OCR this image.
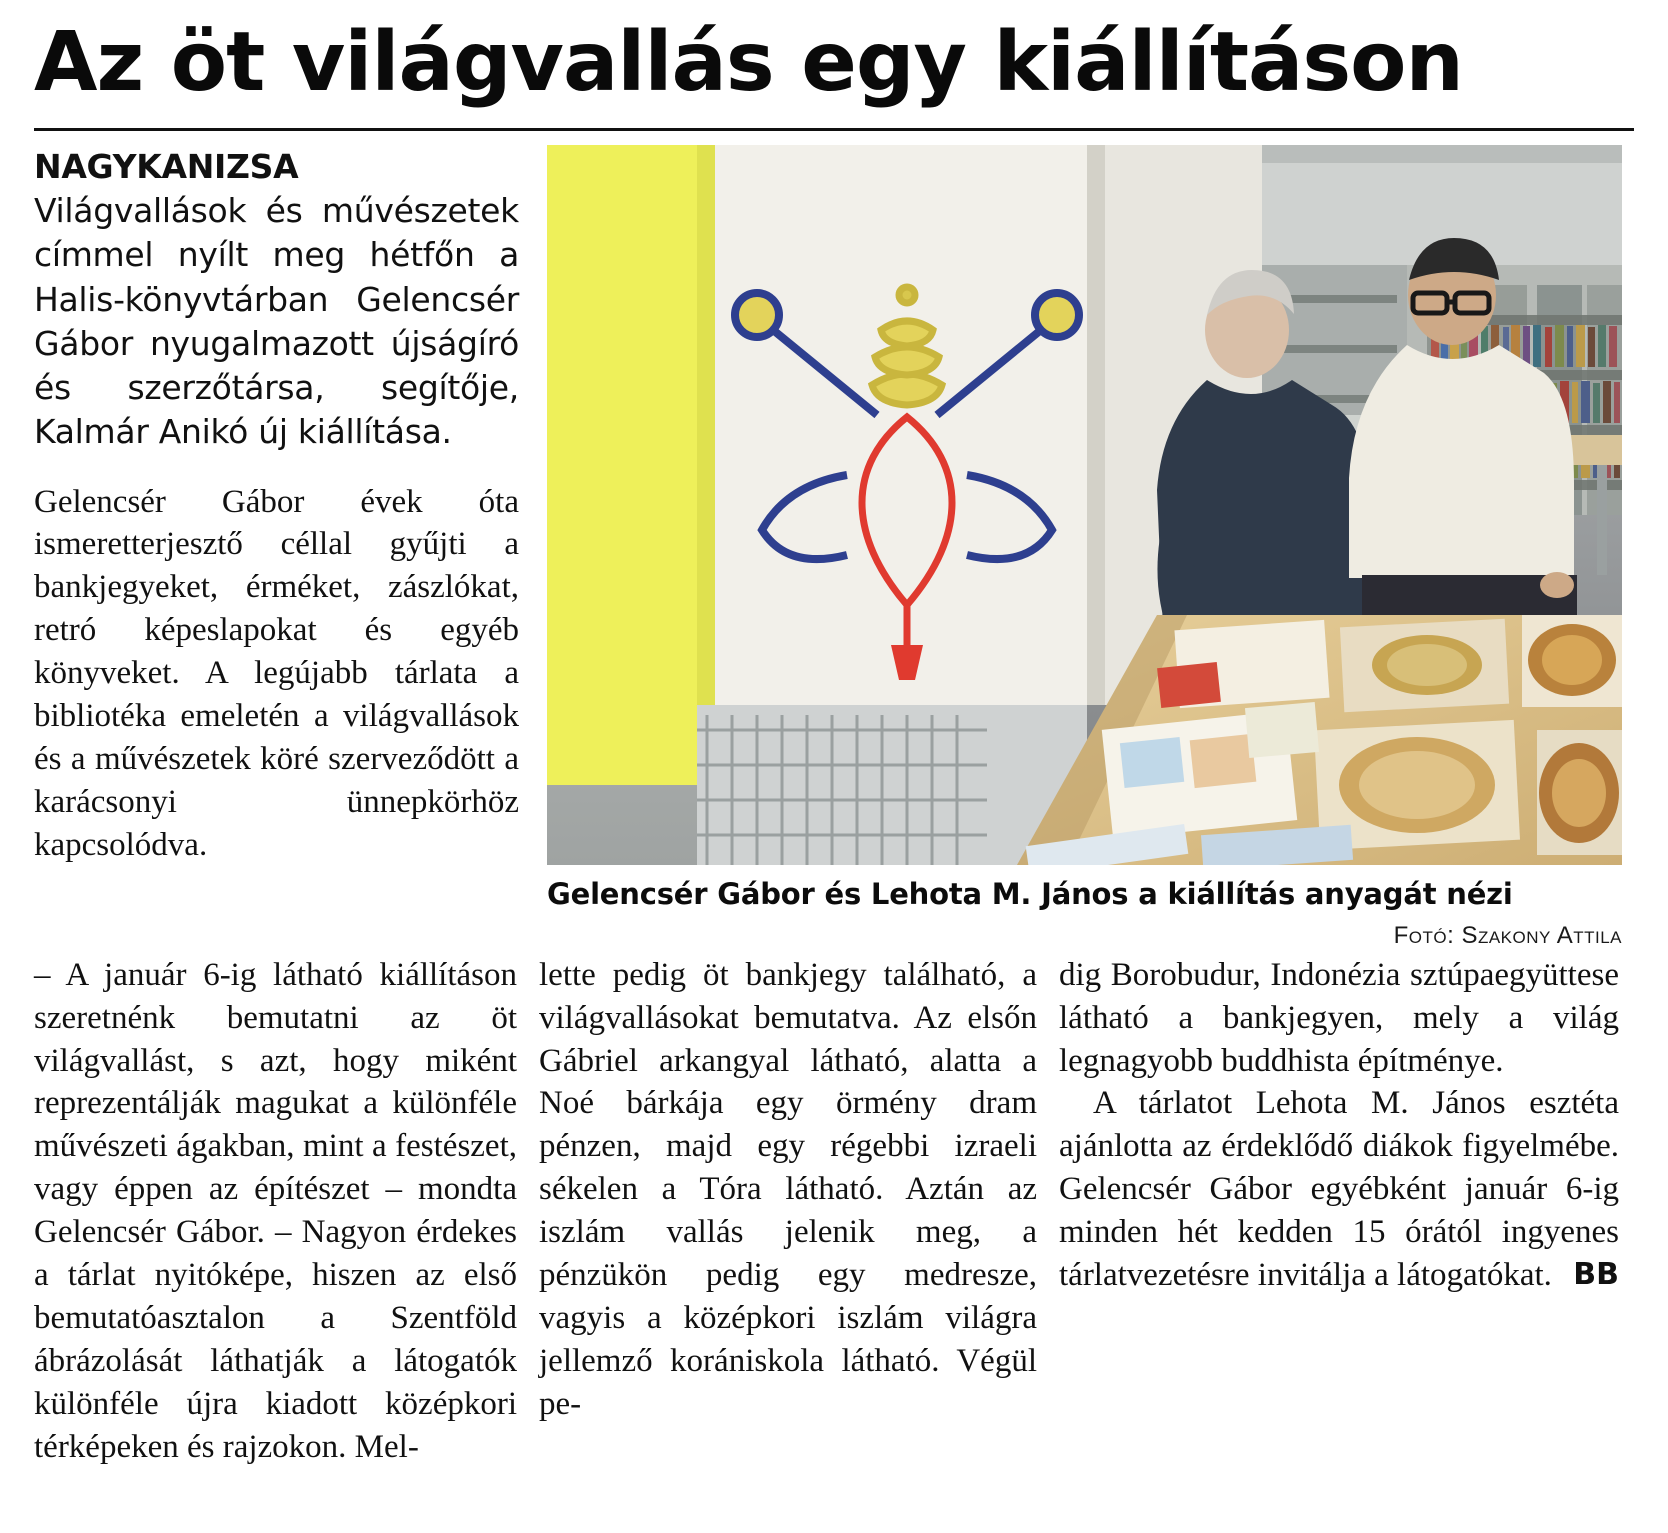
Az öt világvallás egy kiállításon

NAGYKANIZSA Világvallások és művészetek címmel nyílt meg hétfőn a Halis-könyvtárban Gelencsér Gábor nyugalmazott újságíró és szerzőtársa, segítője, Kalmár Anikó új kiállítása.

Gelencsér Gábor évek óta ismeretterjesztő céllal gyűjti a bankjegyeket, érméket, zászlókat, retró képeslapokat és egyéb könyveket. A legújabb tárlata a bibliotéka emeletén a világvallások és a művészetek köré szerveződött a karácsonyi ünnepkörhöz kapcsolódva.

Gelencsér Gábor és Lehota M. János a kiállítás anyagát nézi
Fotó: Szakony Attila

– A január 6-ig látható kiállításon szeretnénk bemutatni az öt világvallást, s azt, hogy miként reprezentálják magukat a különféle művészeti ágakban, mint a festészet, vagy éppen az építészet – mondta Gelencsér Gábor. – Nagyon érdekes a tárlat nyitóképe, hiszen az első bemutatóasztalon a Szentföld ábrázolását láthatják a látogatók különféle újra kiadott középkori térképeken és rajzokon. Mel-

lette pedig öt bankjegy található, a világvallásokat bemutatva. Az elsőn Gábriel arkangyal látható, alatta a Noé bárkája egy örmény dram pénzen, majd egy régebbi izraeli sékelen a Tóra látható. Aztán az iszlám vallás jelenik meg, a pénzükön pedig egy medresze, vagyis a középkori iszlám világra jellemző korániskola látható. Végül pe-

dig Borobudur, Indonézia sztúpaegyüttese látható a bankjegyen, mely a világ legnagyobb buddhista építménye.

A tárlatot Lehota M. János esztéta ajánlotta az érdeklődő diákok figyelmébe. Gelencsér Gábor egyébként január 6-ig minden hét kedden 15 órától ingyenes tárlatvezetésre invitálja a látogatókat. BB
